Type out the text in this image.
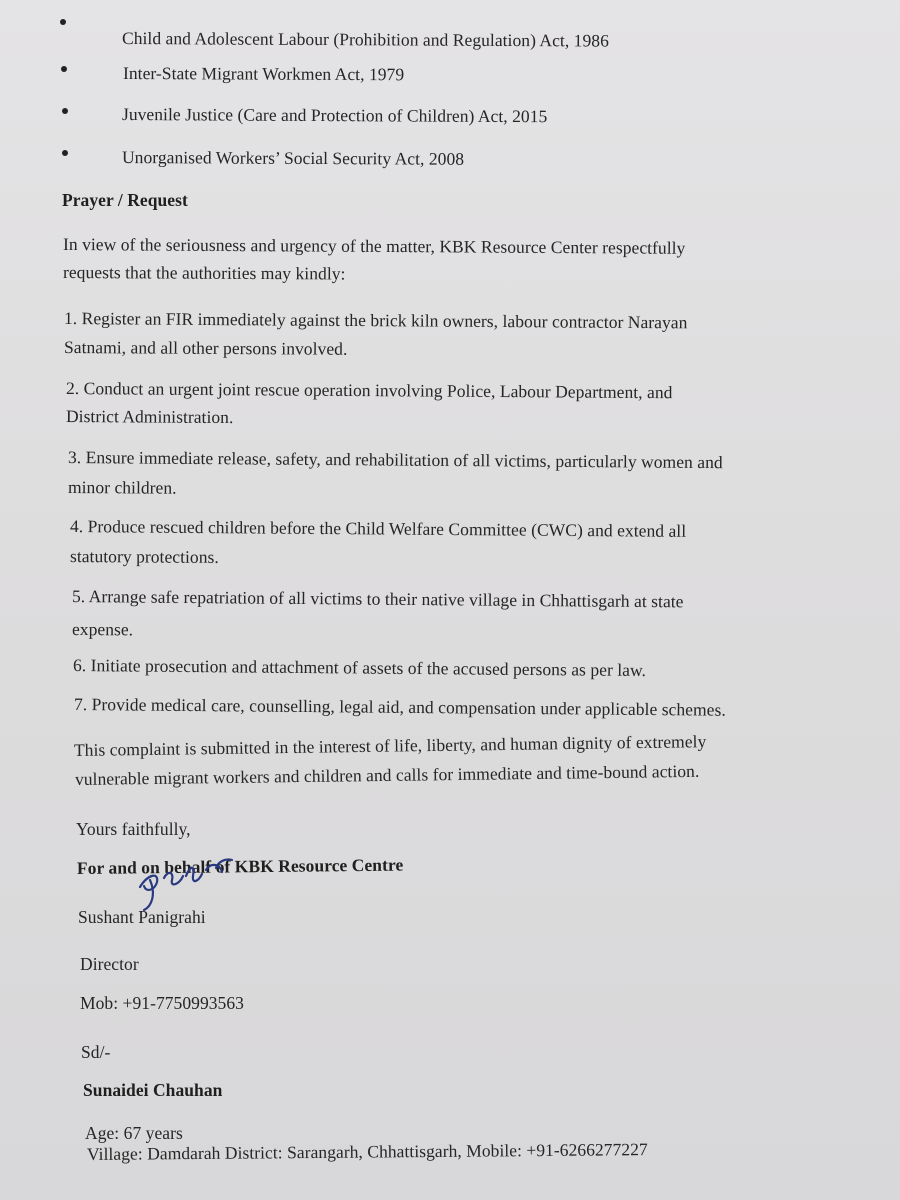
Child and Adolescent Labour (Prohibition and Regulation) Act, 1986
Inter-State Migrant Workmen Act, 1979
Juvenile Justice (Care and Protection of Children) Act, 2015
Unorganised Workers’ Social Security Act, 2008
Prayer / Request
In view of the seriousness and urgency of the matter, KBK Resource Center respectfully
requests that the authorities may kindly:
1. Register an FIR immediately against the brick kiln owners, labour contractor Narayan
Satnami, and all other persons involved.
2. Conduct an urgent joint rescue operation involving Police, Labour Department, and
District Administration.
3. Ensure immediate release, safety, and rehabilitation of all victims, particularly women and
minor children.
4. Produce rescued children before the Child Welfare Committee (CWC) and extend all
statutory protections.
5. Arrange safe repatriation of all victims to their native village in Chhattisgarh at state
expense.
6. Initiate prosecution and attachment of assets of the accused persons as per law.
7. Provide medical care, counselling, legal aid, and compensation under applicable schemes.
This complaint is submitted in the interest of life, liberty, and human dignity of extremely
vulnerable migrant workers and children and calls for immediate and time-bound action.
Yours faithfully,
For and on behalf of KBK Resource Centre
Sushant Panigrahi
Director
Mob: +91-7750993563
Sd/-
Sunaidei Chauhan
Age: 67 years
Village: Damdarah District: Sarangarh, Chhattisgarh, Mobile: +91-6266277227
